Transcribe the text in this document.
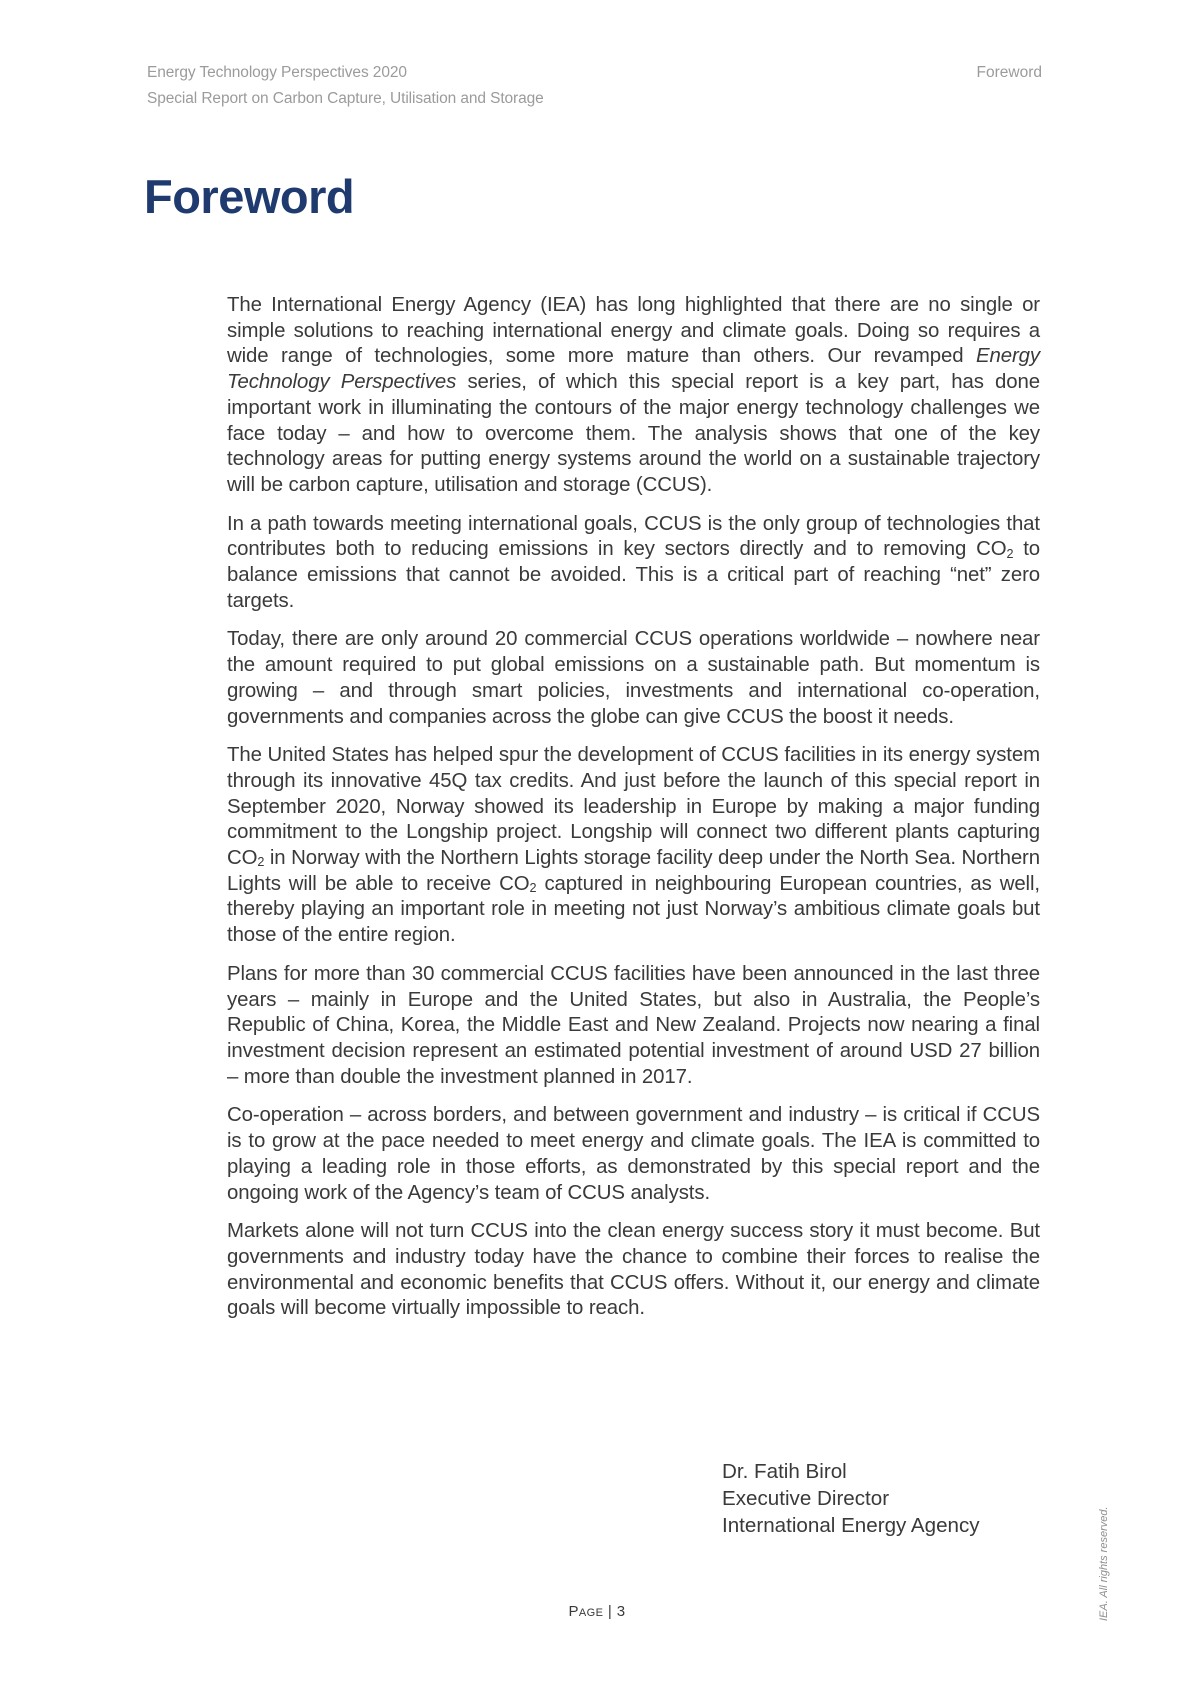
Energy Technology Perspectives 2020
Special Report on Carbon Capture, Utilisation and Storage
Foreword
Foreword

The International Energy Agency (IEA) has long highlighted that there are no single or simple solutions to reaching international energy and climate goals. Doing so requires a wide range of technologies, some more mature than others. Our revamped Energy Technology Perspectives series, of which this special report is a key part, has done important work in illuminating the contours of the major energy technology challenges we face today – and how to overcome them. The analysis shows that one of the key technology areas for putting energy systems around the world on a sustainable trajectory will be carbon capture, utilisation and storage (CCUS).

In a path towards meeting international goals, CCUS is the only group of technologies that contributes both to reducing emissions in key sectors directly and to removing $CO_2$ to balance emissions that cannot be avoided. This is a critical part of reaching “net” zero targets.

Today, there are only around 20 commercial CCUS operations worldwide – nowhere near the amount required to put global emissions on a sustainable path. But momentum is growing – and through smart policies, investments and international co-operation, governments and companies across the globe can give CCUS the boost it needs.

The United States has helped spur the development of CCUS facilities in its energy system through its innovative 45Q tax credits. And just before the launch of this special report in September 2020, Norway showed its leadership in Europe by making a major funding commitment to the Longship project. Longship will connect two different plants capturing $CO_2$ in Norway with the Northern Lights storage facility deep under the North Sea. Northern Lights will be able to receive $CO_2$ captured in neighbouring European countries, as well, thereby playing an important role in meeting not just Norway’s ambitious climate goals but those of the entire region.

Plans for more than 30 commercial CCUS facilities have been announced in the last three years – mainly in Europe and the United States, but also in Australia, the People’s Republic of China, Korea, the Middle East and New Zealand. Projects now nearing a final investment decision represent an estimated potential investment of around USD 27 billion – more than double the investment planned in 2017.

Co-operation – across borders, and between government and industry – is critical if CCUS is to grow at the pace needed to meet energy and climate goals. The IEA is committed to playing a leading role in those efforts, as demonstrated by this special report and the ongoing work of the Agency’s team of CCUS analysts.

Markets alone will not turn CCUS into the clean energy success story it must become. But governments and industry today have the chance to combine their forces to realise the environmental and economic benefits that CCUS offers. Without it, our energy and climate goals will become virtually impossible to reach.

Dr. Fatih Birol
Executive Director
International Energy Agency
Page | 3	IEA. All rights reserved.
